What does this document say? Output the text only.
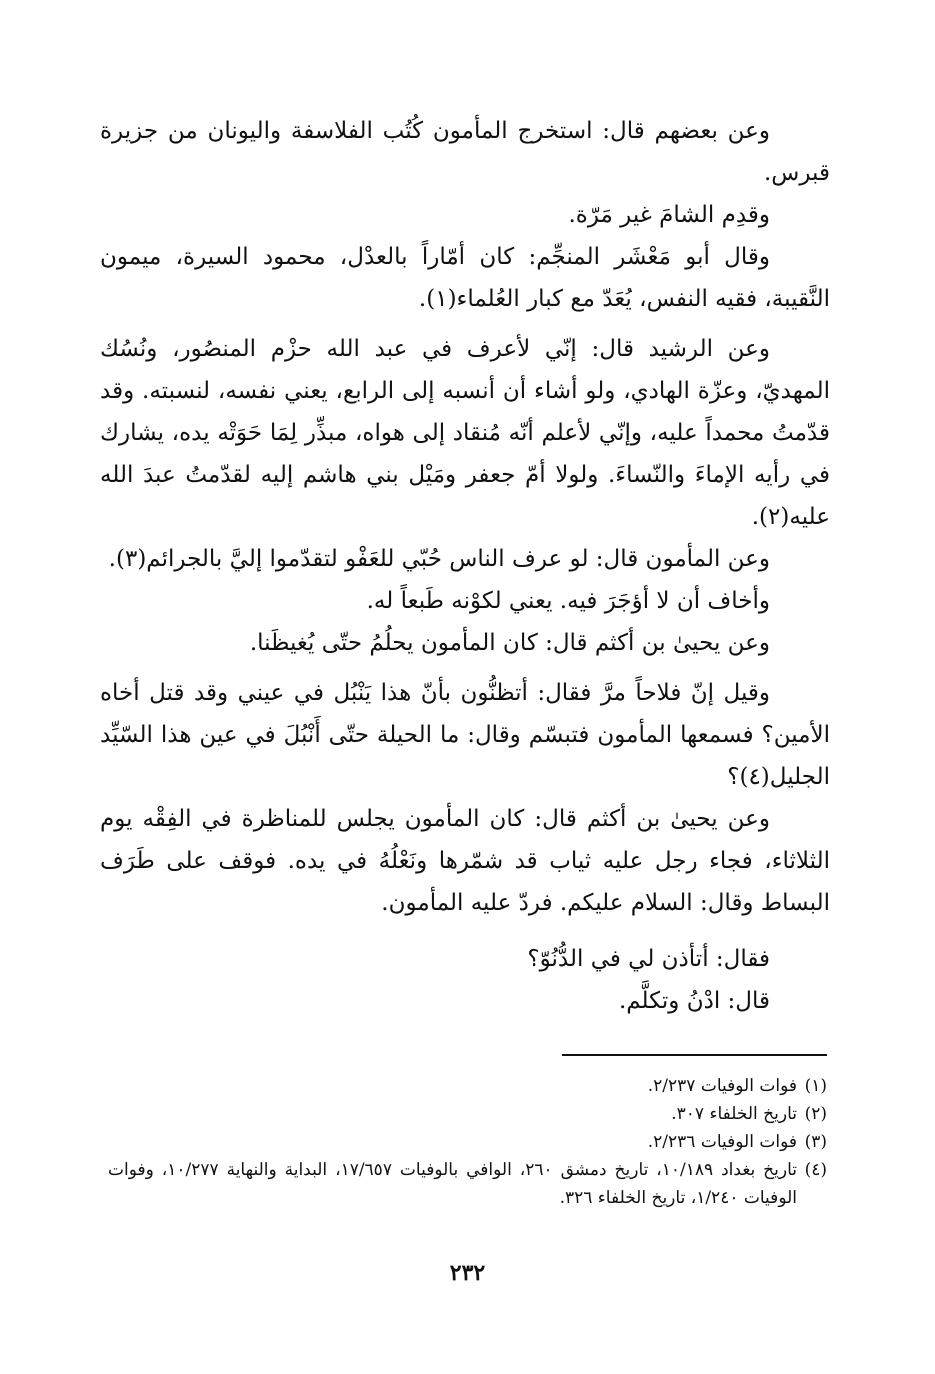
وعن بعضهم قال: استخرج المأمون كُتُب الفلاسفة واليونان من جزيرة قبرس.

وقدِم الشامَ غير مَرّة.

وقال أبو مَعْشَر المنجِّم: كان أمّاراً بالعدْل، محمود السيرة، ميمون النَّقيبة، فقيه النفس، يُعَدّ مع كبار العُلماء(١).

وعن الرشيد قال: إنّي لأعرف في عبد الله حزْم المنصُور، ونُسُك المهديّ، وعزّة الهادي، ولو أشاء أن أنسبه إلى الرابع، يعني نفسه، لنسبته. وقد قدّمتُ محمداً عليه، وإنّي لأعلم أنّه مُنقاد إلى هواه، مبذِّر لِمَا حَوَتْه يده، يشارك في رأيه الإماءَ والنّساءَ. ولولا أمّ جعفر ومَيْل بني هاشم إليه لقدّمتُ عبدَ الله عليه(٢).

وعن المأمون قال: لو عرف الناس حُبّي للعَفْو لتقدّموا إليَّ بالجرائم(٣).

وأخاف أن لا أؤجَرَ فيه. يعني لكوْنه طَبعاً له.

وعن يحيىٰ بن أكثم قال: كان المأمون يحلُمُ حتّى يُغيظَنا.

وقيل إنّ فلاحاً مرَّ فقال: أتظنُّون بأنّ هذا يَنْبُل في عيني وقد قتل أخاه الأمين؟ فسمعها المأمون فتبسّم وقال: ما الحيلة حتّى أَنْبُلَ في عين هذا السّيِّد الجليل(٤)؟

وعن يحيىٰ بن أكثم قال: كان المأمون يجلس للمناظرة في الفِقْه يوم الثلاثاء، فجاء رجل عليه ثياب قد شمّرها ونَعْلُهُ في يده. فوقف على طَرَف البساط وقال: السلام عليكم. فردّ عليه المأمون.

فقال: أتأذن لي في الدُّنُوّ؟

قال: ادْنُ وتكلَّم.

(١)فوات الوفيات ٢/٢٣٧.

(٢)تاريخ الخلفاء ٣٠٧.

(٣)فوات الوفيات ٢/٢٣٦.

(٤)تاريخ بغداد ١٠/١٨٩، تاريخ دمشق ٢٦٠، الوافي بالوفيات ١٧/٦٥٧، البداية والنهاية ١٠/٢٧٧، وفوات الوفيات ١/٢٤٠، تاريخ الخلفاء ٣٢٦.

٢٣٢
